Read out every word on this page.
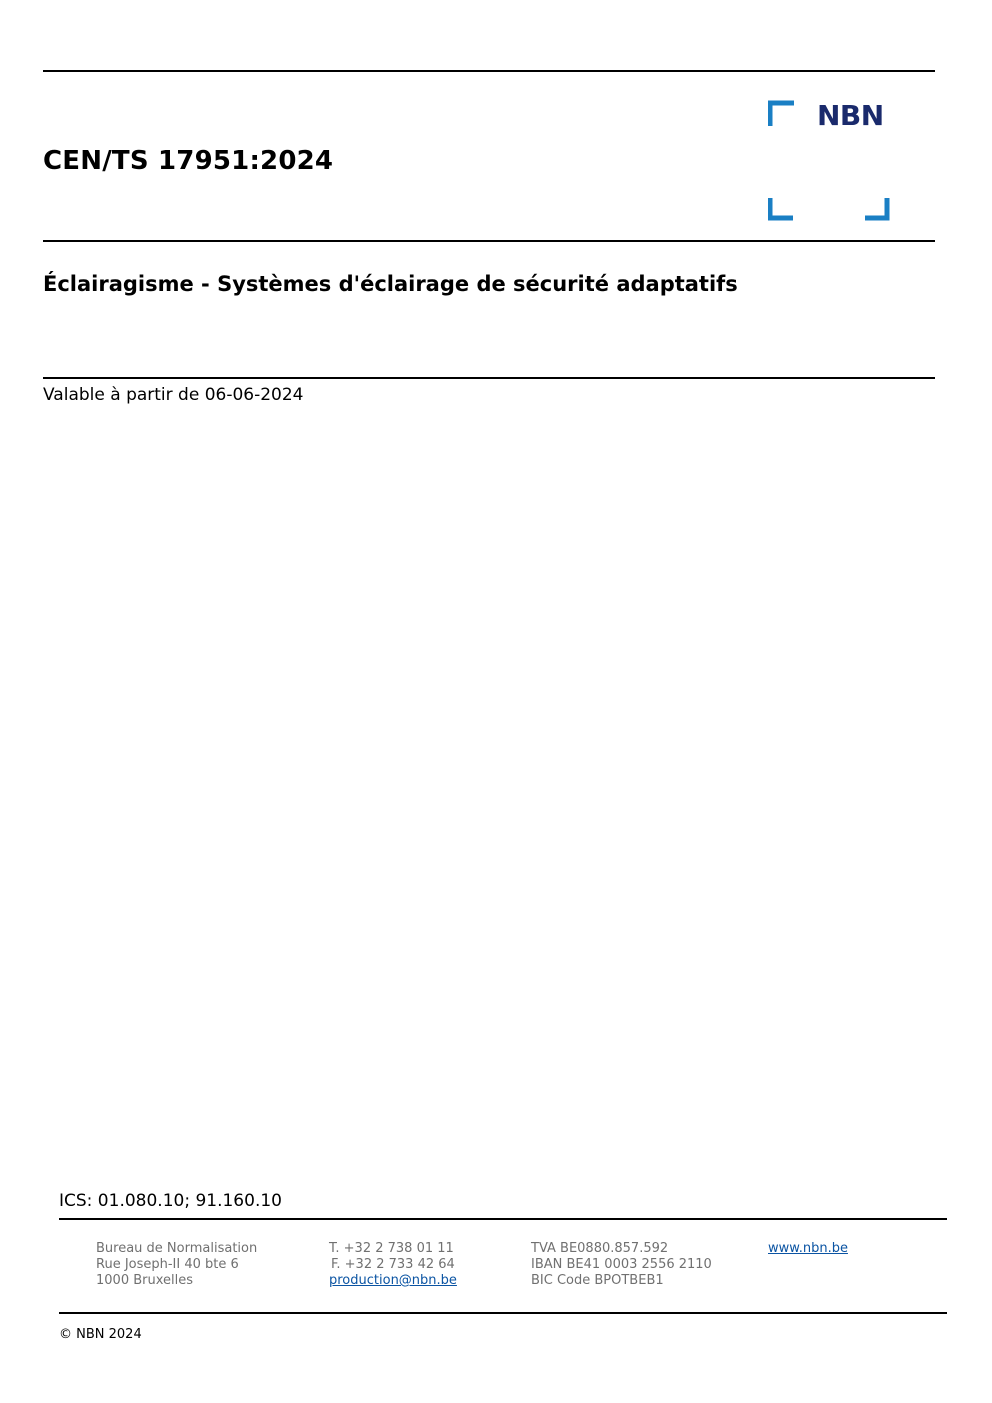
CEN/TS 17951:2024
NBN
Éclairagisme - Systèmes d'éclairage de sécurité adaptatifs
Valable à partir de 06-06-2024
ICS: 01.080.10; 91.160.10
Bureau de Normalisation
Rue Joseph-II 40 bte 6
1000 Bruxelles
T. +32 2 738 01 11
F. +32 2 733 42 64
production@nbn.be
TVA BE0880.857.592
IBAN BE41 0003 2556 2110
BIC Code BPOTBEB1
www.nbn.be
© NBN 2024
